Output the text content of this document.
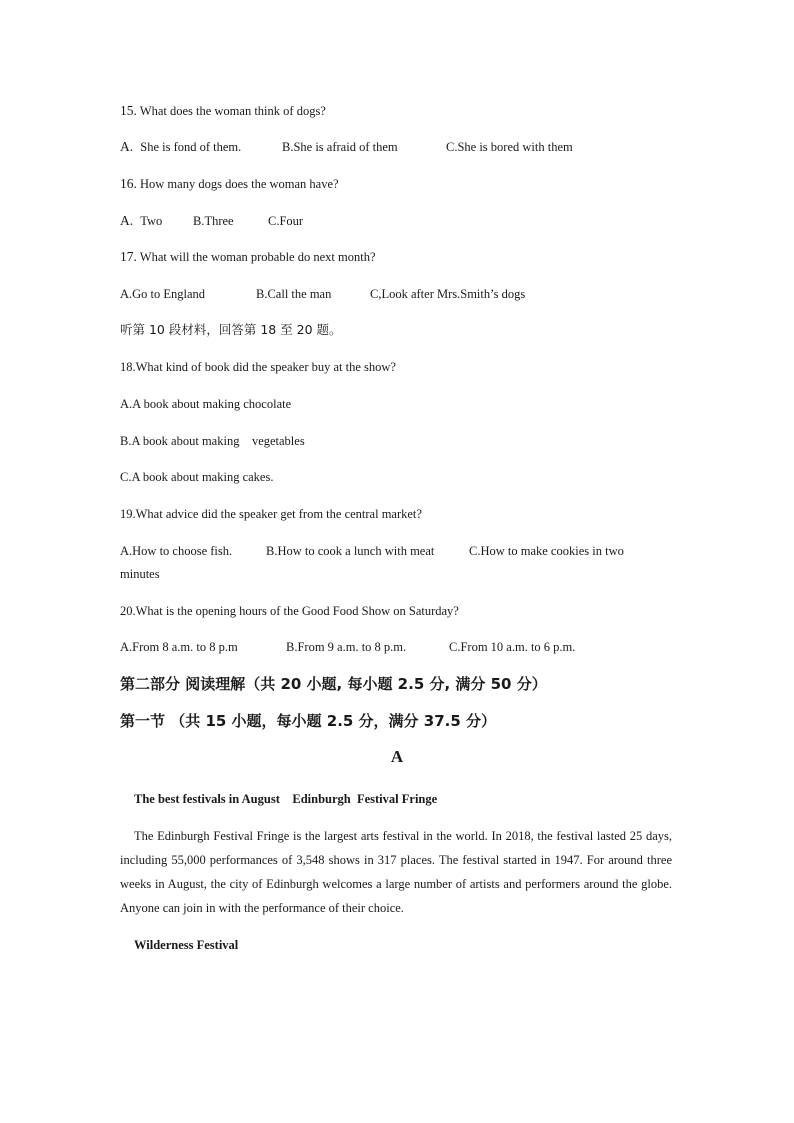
15. What does the woman think of dogs?
A. She is fond of them.	B.She is afraid of them	C.She is bored with them
16. How many dogs does the woman have?
A. Two B.Three	C.Four
17. What will the woman probable do next month?
A.Go to England	B.Call the man	C,Look after Mrs.Smith’s dogs
听第 10 段材料，回答第 18 至 20 题。
18.What kind of book did the speaker buy at the show?
A.A book about making chocolate
B.A book about making    vegetables
C.A book about making cakes.
19.What advice did the speaker get from the central market?
A.How to choose fish.	B.How to cook a lunch with meat	C.How to make cookies in two
minutes
20.What is the opening hours of the Good Food Show on Saturday?
A.From 8 a.m. to 8 p.m	B.From 9 a.m. to 8 p.m.	C.From 10 a.m. to 6 p.m.
第二部分 阅读理解（共 20 小题, 每小题 2.5 分, 满分 50 分）
第一节 （共 15 小题，每小题 2.5 分，满分 37.5 分）
A
The best festivals in August    Edinburgh  Festival Fringe
The Edinburgh Festival Fringe is the largest arts festival in the world. In 2018, the festival lasted 25 days, including 55,000 performances of 3,548 shows in 317 places. The festival started in 1947. For around three weeks in August, the city of Edinburgh welcomes a large number of artists and performers around the globe. Anyone can join in with the performance of their choice.
Wilderness Festival
